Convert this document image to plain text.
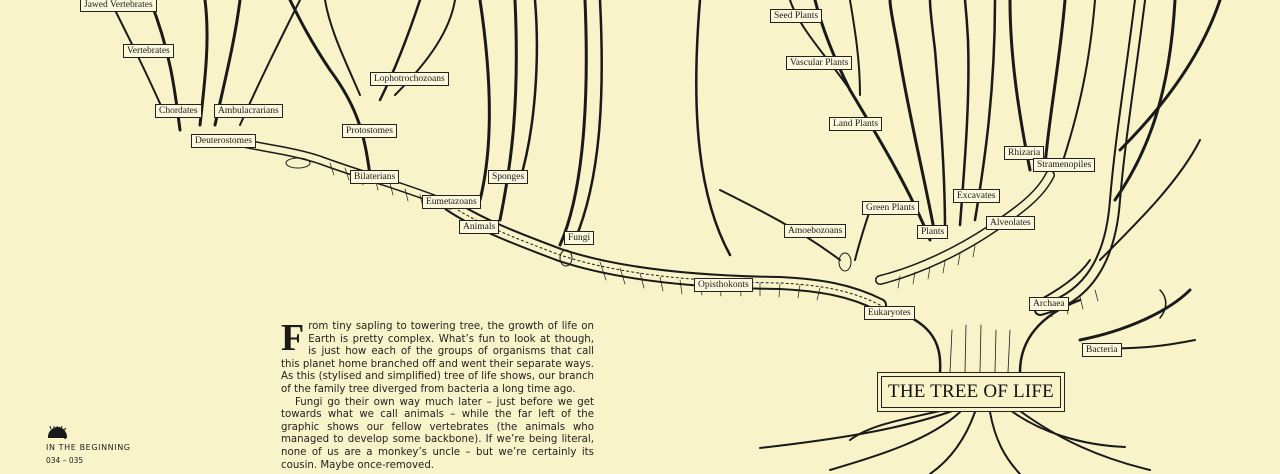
Jawed Vertebrates
Vertebrates
Chordates	Ambulacrarians
Deuterostomes
Lophotrochozoans
Protostomes
Bilaterians
Eumetazoans
Sponges
Animals
Fungi
Opisthokonts
Amoebozoans
Eukaryotes
Seed Plants
Vascular Plants
Land Plants
Green Plants
Plants
Excavates
Alveolates
Rhizaria
Stramenopiles
Archaea
Bacteria
THE TREE OF LIFE

From tiny sapling to towering tree, the growth of life on Earth is pretty complex. What’s fun to look at though, is just how each of the groups of organisms that call this planet home branched off and went their separate ways. As this (stylised and simplified) tree of life shows, our branch of the family tree diverged from bacteria a long time ago.

Fungi go their own way much later – just before we get towards what we call animals – while the far left of the graphic shows our fellow vertebrates (the animals who managed to develop some backbone). If we’re being literal, none of us are a monkey’s uncle – but we’re certainly its cousin. Maybe once-removed.

IN THE BEGINNING
034 – 035
